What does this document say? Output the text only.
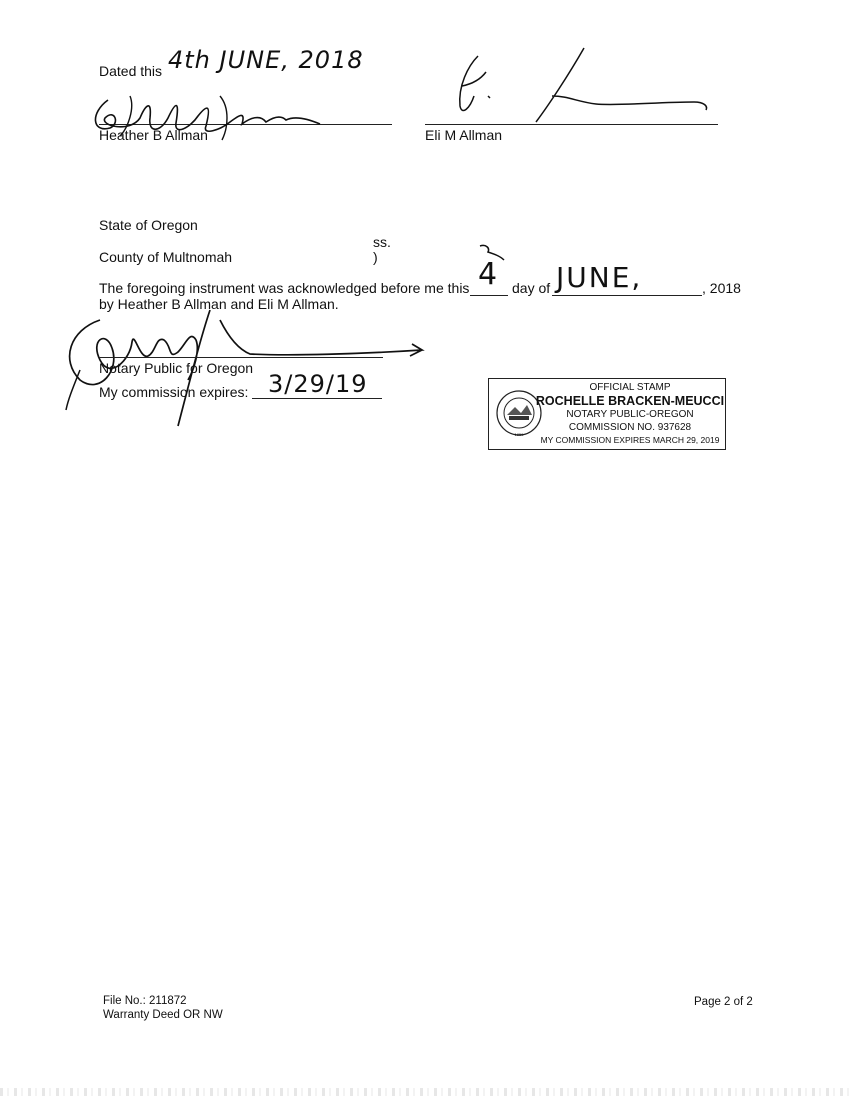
Dated this 4th JUNE, 2018
Heather B Allman	Eli M Allman
State of Oregon
ss.
County of Multnomah	)
The foregoing instrument was acknowledged before me this 4 day of JUNE,	, 2018
by Heather B Allman and Eli M Allman.
Notary Public for Oregon
My commission expires: 3/29/19
1859
OFFICIAL STAMP
ROCHELLE BRACKEN-MEUCCI
NOTARY PUBLIC-OREGON
COMMISSION NO. 937628
MY COMMISSION EXPIRES MARCH 29, 2019
File No.: 211872
Warranty Deed OR NW
Page 2 of 2
